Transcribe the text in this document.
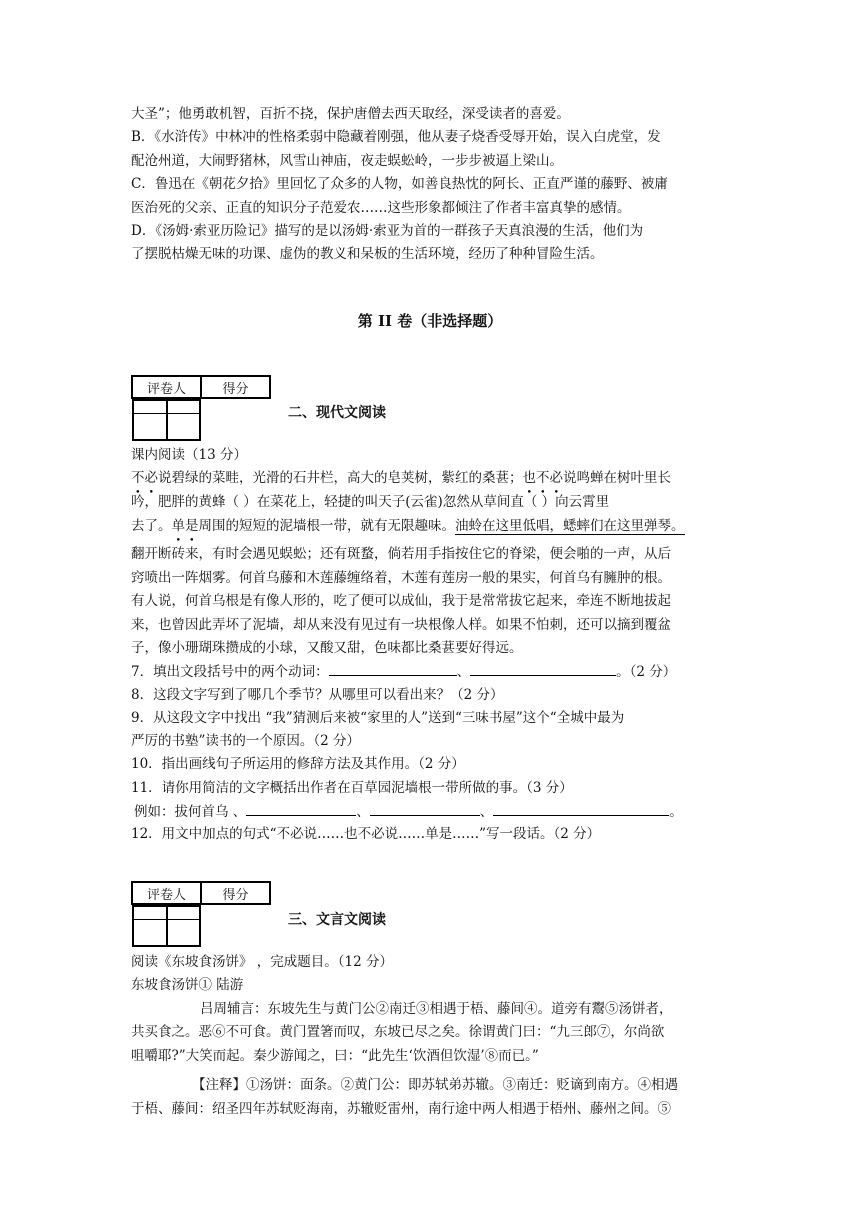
大圣”；他勇敢机智，百折不挠，保护唐僧去西天取经，深受读者的喜爱。
B．《水浒传》中林冲的性格柔弱中隐藏着刚强，他从妻子烧香受辱开始，误入白虎堂，发
配沧州道，大闹野猪林，风雪山神庙，夜走蜈蚣岭，一步步被逼上梁山。
C．鲁迅在《朝花夕拾》里回忆了众多的人物，如善良热忱的阿长、正直严谨的藤野、被庸
医治死的父亲、正直的知识分子范爱农……这些形象都倾注了作者丰富真挚的感情。
D．《汤姆·索亚历险记》描写的是以汤姆·索亚为首的一群孩子天真浪漫的生活，他们为
了摆脱枯燥无味的功课、虚伪的教义和呆板的生活环境，经历了种种冒险生活。
第 II 卷（非选择题）
评卷人	得分

二、现代文阅读
课内阅读（13 分）
不必说碧绿的菜畦，光滑的石井栏，高大的皂荚树，紫红的桑葚；也不必说鸣蝉在树叶里长
吟，肥胖的黄蜂（ ）在菜花上，轻捷的叫天子(云雀)忽然从草间直（ ）向云霄里
去了。单是周围的短短的泥墙根一带，就有无限趣味。油蛉在这里低唱，蟋蟀们在这里弹琴。
翻开断砖来，有时会遇见蜈蚣；还有斑蝥，倘若用手指按住它的脊梁，便会啪的一声，从后
窍喷出一阵烟雾。何首乌藤和木莲藤缠络着，木莲有莲房一般的果实，何首乌有臃肿的根。
有人说，何首乌根是有像人形的，吃了便可以成仙，我于是常常拔它起来，牵连不断地拔起
来，也曾因此弄坏了泥墙，却从来没有见过有一块根像人样。如果不怕刺，还可以摘到覆盆
子，像小珊瑚珠攒成的小球，又酸又甜，色味都比桑葚要好得远。
7．填出文段括号中的两个动词：	、	。（2 分）
8．这段文字写到了哪几个季节？从哪里可以看出来？（2 分）
9．从这段文字中找出 “我”猜测后来被“家里的人”送到“三味书屋”这个“全城中最为
严厉的书塾”读书的一个原因。（2 分）
10．指出画线句子所运用的修辞方法及其作用。（2 分）
11．请你用简洁的文字概括出作者在百草园泥墙根一带所做的事。（3 分）
例如：拔何首乌 、	、	、	。
12．用文中加点的句式“不必说……也不必说……单是……”写一段话。（2 分）
评卷人	得分

三、文言文阅读
阅读《东坡食汤饼》 ，完成题目。（12 分）
东坡食汤饼① 陆游
吕周辅言：东坡先生与黄门公②南迁③相遇于梧、藤间④。道旁有鬻⑤汤饼者，
共买食之。恶⑥不可食。黄门置箸而叹，东坡已尽之矣。徐谓黄门曰：“九三郎⑦，尔尚欲
咀嚼耶?”大笑而起。秦少游闻之，曰：“此先生‘饮酒但饮湿’⑧而已。”
【注释】①汤饼：面条。②黄门公：即苏轼弟苏辙。③南迁：贬谪到南方。④相遇
于梧、藤间：绍圣四年苏轼贬海南，苏辙贬雷州，南行途中两人相遇于梧州、藤州之间。⑤
